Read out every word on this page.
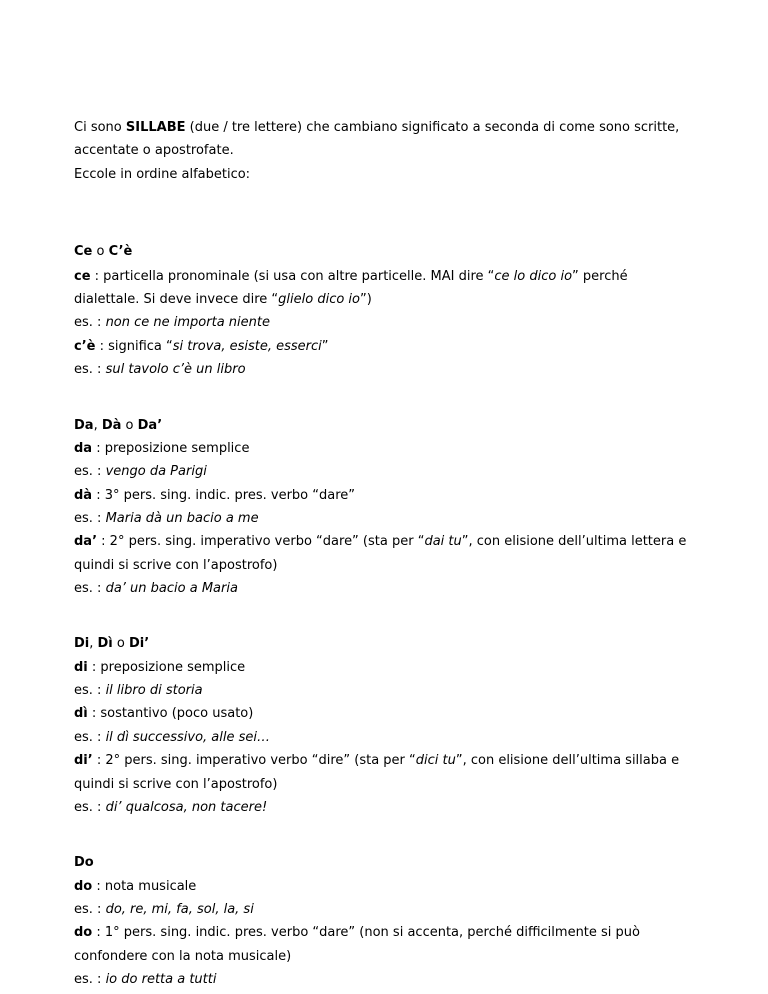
Ci sono SILLABE (due / tre lettere) che cambiano significato a seconda di come sono scritte,
accentate o apostrofate.
Eccole in ordine alfabetico:
Ce o C’è
ce : particella pronominale (si usa con altre particelle. MAI dire “ce lo dico io” perché
dialettale. Si deve invece dire “glielo dico io”)
es. : non ce ne importa niente
c’è : significa “si trova, esiste, esserci”
es. : sul tavolo c’è un libro
Da, Dà o Da’
da : preposizione semplice
es. : vengo da Parigi
dà : 3° pers. sing. indic. pres. verbo “dare”
es. : Maria dà un bacio a me
da’ : 2° pers. sing. imperativo verbo “dare” (sta per “dai tu”, con elisione dell’ultima lettera e
quindi si scrive con l’apostrofo)
es. : da’ un bacio a Maria
Di, Dì o Di’
di : preposizione semplice
es. : il libro di storia
dì : sostantivo (poco usato)
es. : il dì successivo, alle sei…
di’ : 2° pers. sing. imperativo verbo “dire” (sta per “dici tu”, con elisione dell’ultima sillaba e
quindi si scrive con l’apostrofo)
es. : di’ qualcosa, non tacere!
Do
do : nota musicale
es. : do, re, mi, fa, sol, la, si
do : 1° pers. sing. indic. pres. verbo “dare” (non si accenta, perché difficilmente si può
confondere con la nota musicale)
es. : io do retta a tutti
